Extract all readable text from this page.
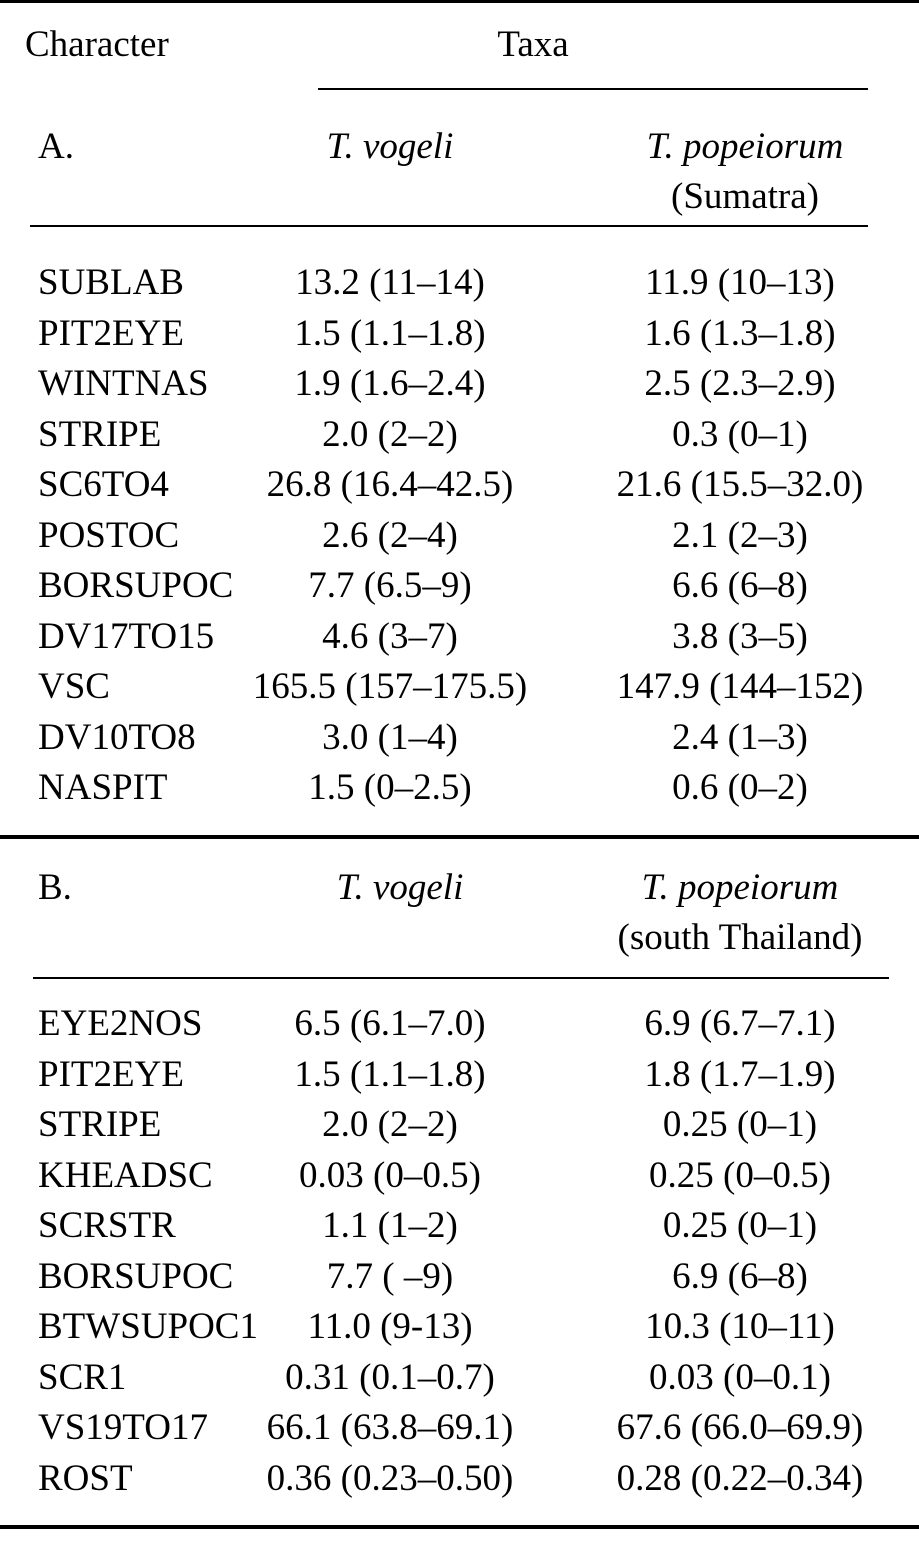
Character	Taxa
A.	T. vogeli	T. popeiorum
(Sumatra)
SUBLAB	13.2 (11–14)	11.9 (10–13)
PIT2EYE	1.5 (1.1–1.8)	1.6 (1.3–1.8)
WINTNAS	1.9 (1.6–2.4)	2.5 (2.3–2.9)
STRIPE	2.0 (2–2)	0.3 (0–1)
SC6TO4	26.8 (16.4–42.5)	21.6 (15.5–32.0)
POSTOC	2.6 (2–4)	2.1 (2–3)
BORSUPOC	7.7 (6.5–9)	6.6 (6–8)
DV17TO15	4.6 (3–7)	3.8 (3–5)
VSC	165.5 (157–175.5)	147.9 (144–152)
DV10TO8	3.0 (1–4)	2.4 (1–3)
NASPIT	1.5 (0–2.5)	0.6 (0–2)
B.	T. vogeli	T. popeiorum
(south Thailand)
EYE2NOS	6.5 (6.1–7.0)	6.9 (6.7–7.1)
PIT2EYE	1.5 (1.1–1.8)	1.8 (1.7–1.9)
STRIPE	2.0 (2–2)	0.25 (0–1)
KHEADSC	0.03 (0–0.5)	0.25 (0–0.5)
SCRSTR	1.1 (1–2)	0.25 (0–1)
BORSUPOC	7.7 ( –9)	6.9 (6–8)
BTWSUPOC1	11.0 (9-13)	10.3 (10–11)
SCR1	0.31 (0.1–0.7)	0.03 (0–0.1)
VS19TO17	66.1 (63.8–69.1)	67.6 (66.0–69.9)
ROST	0.36 (0.23–0.50)	0.28 (0.22–0.34)
